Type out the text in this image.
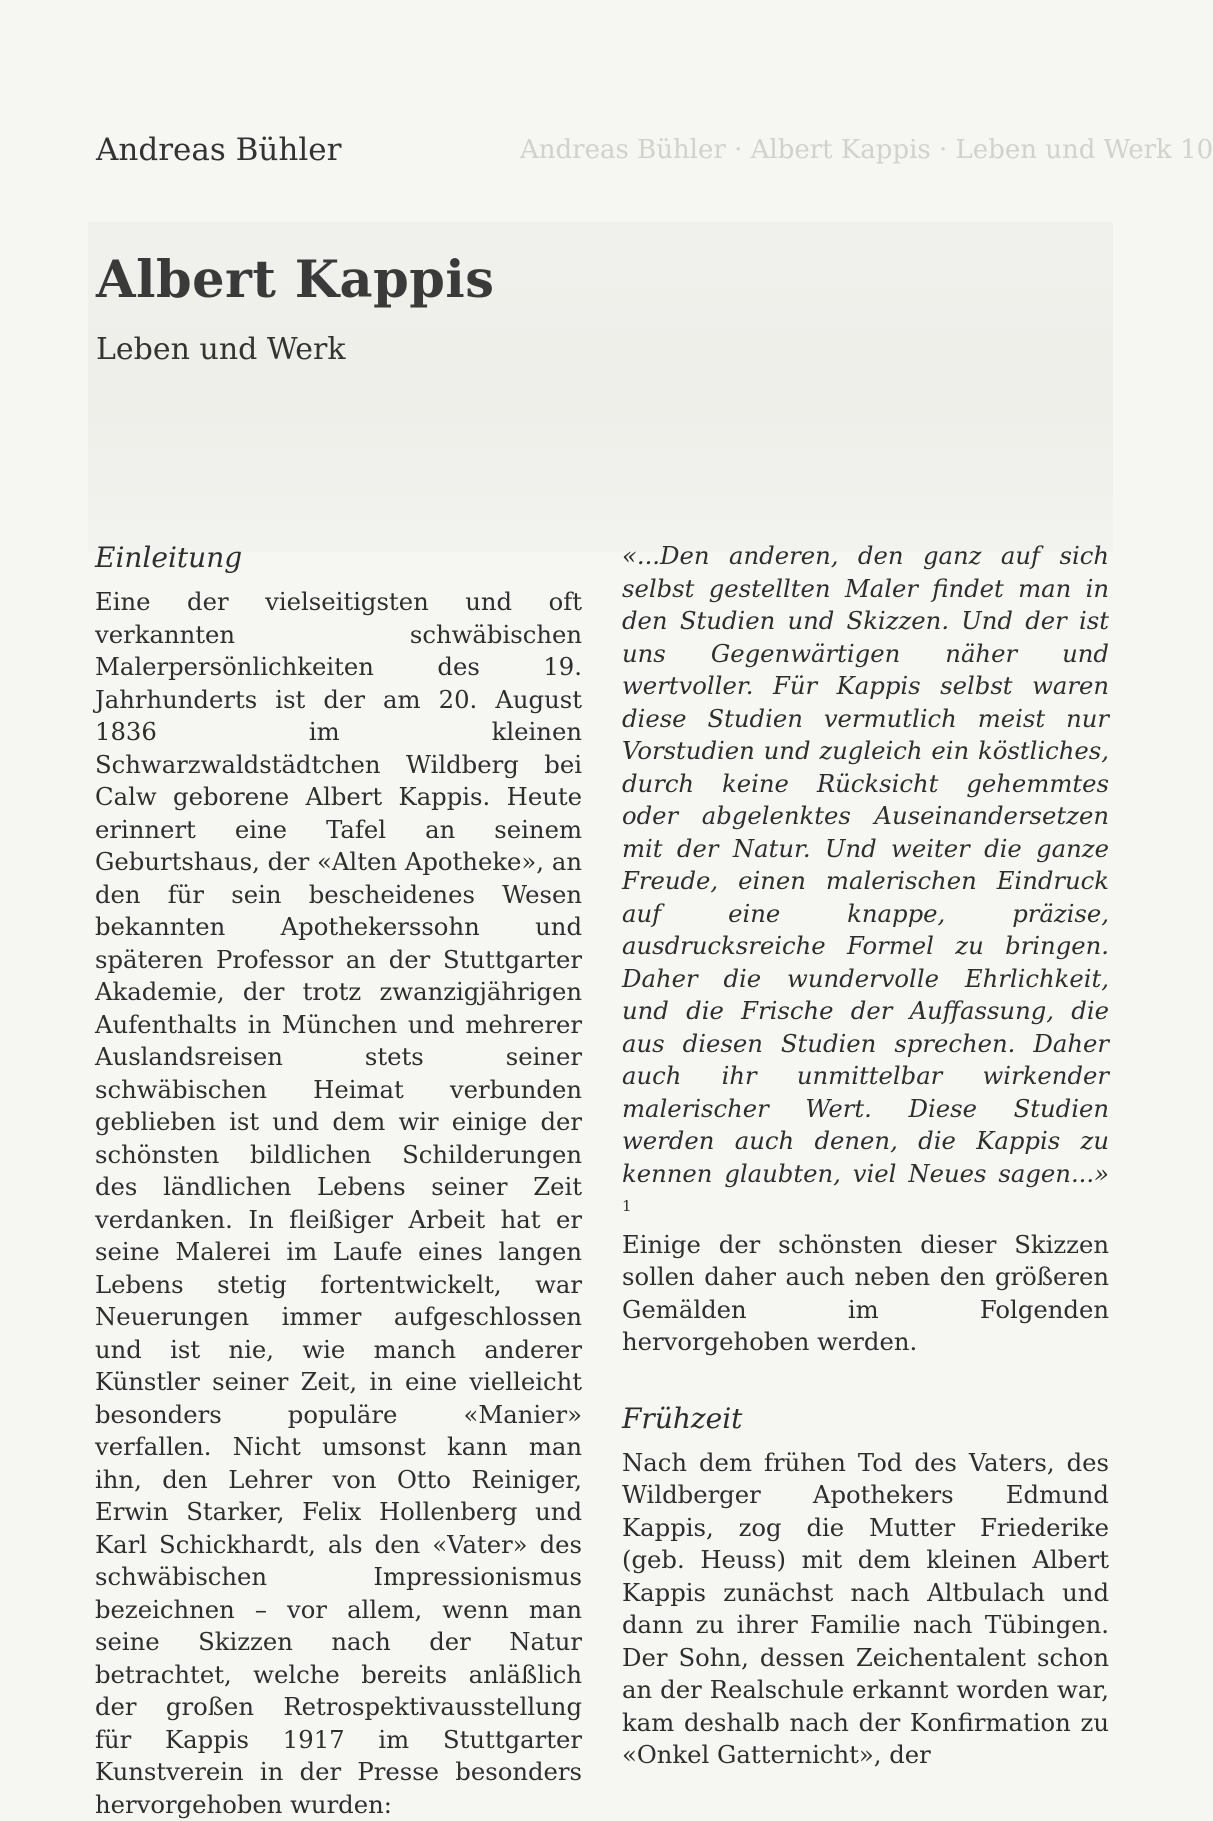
Andreas Bühler · Albert Kappis · Leben und Werk 10
Andreas Bühler
Albert Kappis
Leben und Werk
Einleitung

Eine der vielseitigsten und oft verkannten schwäbischen Malerpersönlichkeiten des 19. Jahrhunderts ist der am 20. August 1836 im kleinen Schwarzwaldstädtchen Wildberg bei Calw geborene Albert Kappis. Heute erinnert eine Tafel an seinem Geburtshaus, der «Alten Apotheke», an den für sein bescheidenes Wesen bekannten Apothekerssohn und späteren Professor an der Stuttgarter Akademie, der trotz zwanzigjährigen Aufenthalts in München und mehrerer Auslandsreisen stets seiner schwäbischen Heimat verbunden geblieben ist und dem wir einige der schönsten bildlichen Schilderungen des ländlichen Lebens seiner Zeit verdanken. In fleißiger Arbeit hat er seine Malerei im Laufe eines langen Lebens stetig fortentwickelt, war Neuerungen immer aufgeschlossen und ist nie, wie manch anderer Künstler seiner Zeit, in eine vielleicht besonders populäre «Manier» verfallen. Nicht umsonst kann man ihn, den Lehrer von Otto Reiniger, Erwin Starker, Felix Hollenberg und Karl Schickhardt, als den «Vater» des schwäbischen Impressionismus bezeichnen – vor allem, wenn man seine Skizzen nach der Natur betrachtet, welche bereits anläßlich der großen Retrospektivausstellung für Kappis 1917 im Stuttgarter Kunstverein in der Presse besonders hervorgehoben wurden:

«...Den anderen, den ganz auf sich selbst gestellten Maler findet man in den Studien und Skizzen. Und der ist uns Gegenwärtigen näher und wertvoller. Für Kappis selbst waren diese Studien vermutlich meist nur Vorstudien und zugleich ein köstliches, durch keine Rücksicht gehemmtes oder abgelenktes Auseinandersetzen mit der Natur. Und weiter die ganze Freude, einen malerischen Eindruck auf eine knappe, präzise, ausdrucksreiche Formel zu bringen. Daher die wundervolle Ehrlichkeit, und die Frische der Auffassung, die aus diesen Studien sprechen. Daher auch ihr unmittelbar wirkender malerischer Wert. Diese Studien werden auch denen, die Kappis zu kennen glaubten, viel Neues sagen...» $^1$

Einige der schönsten dieser Skizzen sollen daher auch neben den größeren Gemälden im Folgenden hervorgehoben werden.

Frühzeit

Nach dem frühen Tod des Vaters, des Wildberger Apothekers Edmund Kappis, zog die Mutter Friederike (geb. Heuss) mit dem kleinen Albert Kappis zunächst nach Altbulach und dann zu ihrer Familie nach Tübingen. Der Sohn, dessen Zeichentalent schon an der Realschule erkannt worden war, kam deshalb nach der Konfirmation zu «Onkel Gatternicht», der
